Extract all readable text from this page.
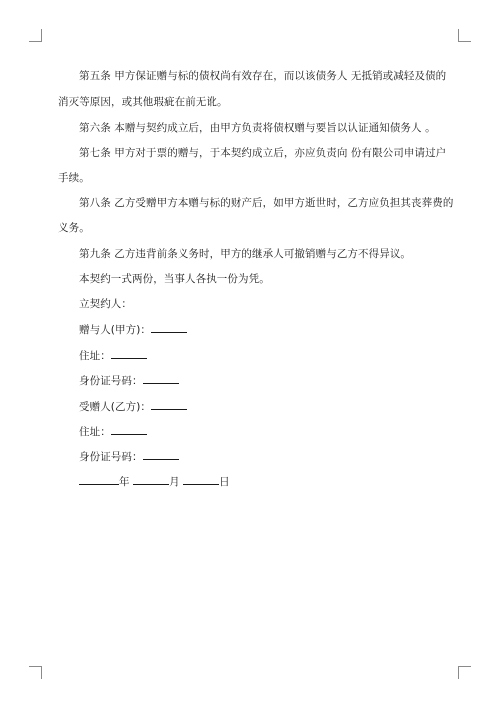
第五条 甲方保证赠与标的债权尚有效存在，而以该债务人 无抵销或减轻及债的
消灭等原因，或其他瑕疵在前无讹。
第六条 本赠与契约成立后，由甲方负责将债权赠与要旨以认证通知债务人 。
第七条 甲方对于票的赠与，于本契约成立后，亦应负责向 份有限公司申请过户
手续。
第八条 乙方受赠甲方本赠与标的财产后，如甲方逝世时，乙方应负担其丧葬费的
义务。
第九条 乙方违背前条义务时，甲方的继承人可撤销赠与乙方不得异议。
本契约一式两份，当事人各执一份为凭。
立契约人：
赠与人(甲方)：
住址：
身份证号码：
受赠人(乙方)：
住址：
身份证号码：
年	月	日
